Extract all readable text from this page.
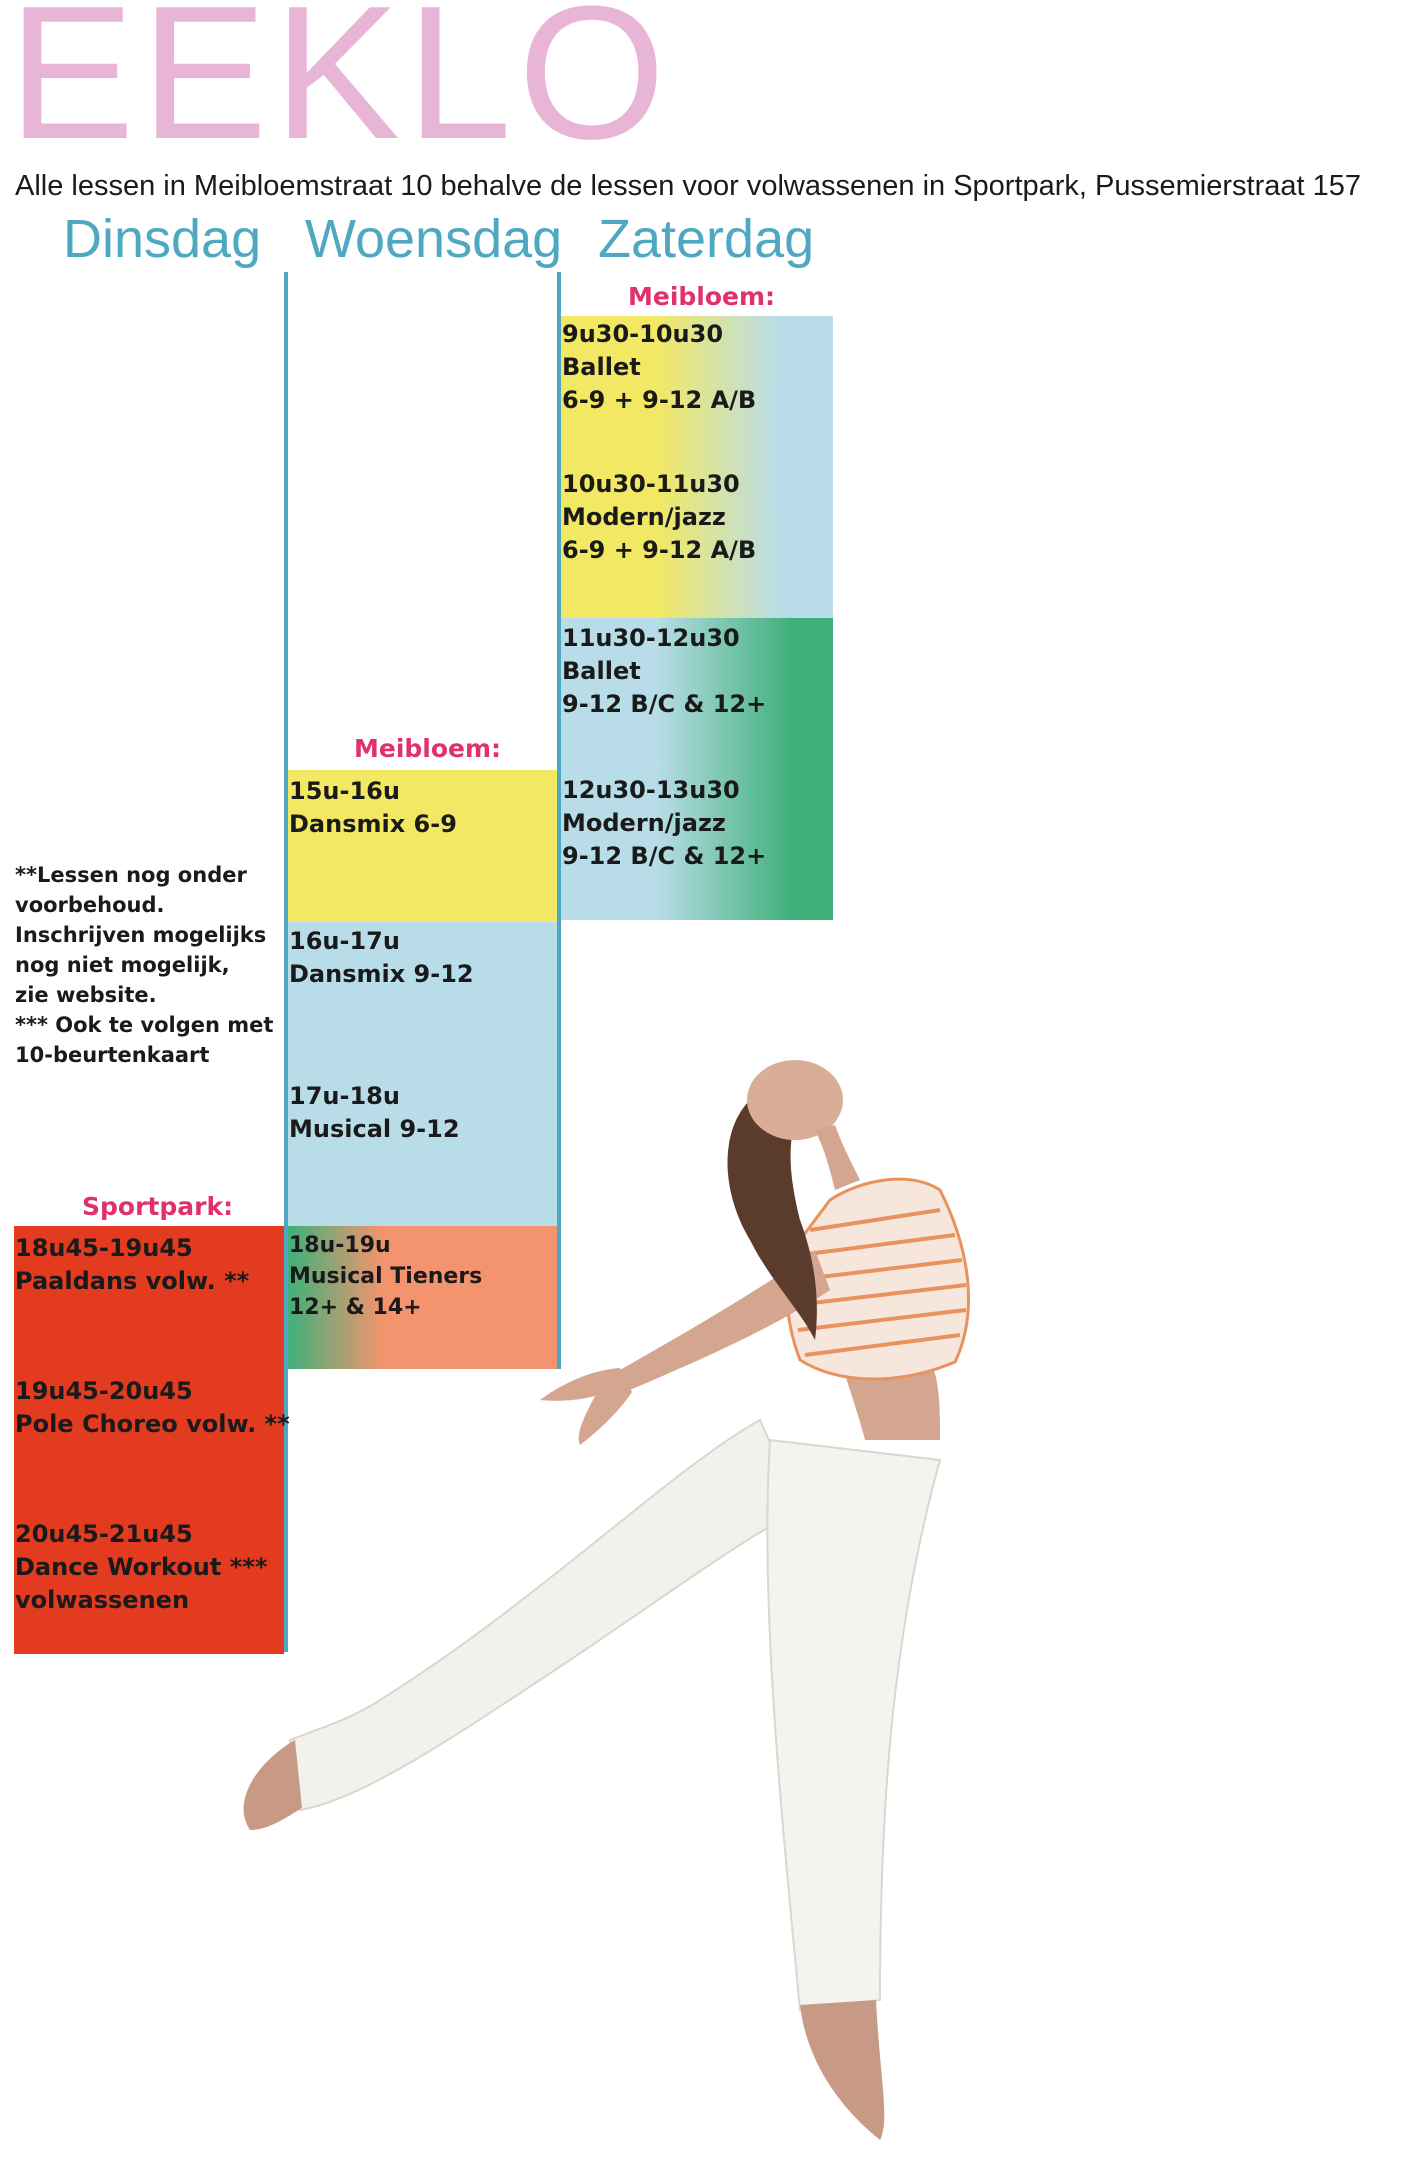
EEKLO
Alle lessen in Meibloemstraat 10 behalve de lessen voor volwassenen in Sportpark, Pussemierstraat 157
Dinsdag Woensdag Zaterdag
Meibloem:
9u30-10u30
Ballet
6-9 + 9-12 A/B
10u30-11u30
Modern/jazz
6-9 + 9-12 A/B
11u30-12u30
Ballet
9-12 B/C & 12+
12u30-13u30
Modern/jazz
9-12 B/C & 12+
Meibloem:
15u-16u
Dansmix 6-9
16u-17u
Dansmix 9-12
17u-18u
Musical 9-12
18u-19u
Musical Tieners
12+ & 14+
**Lessen nog onder
voorbehoud.
Inschrijven mogelijks
nog niet mogelijk,
zie website.
*** Ook te volgen met
10-beurtenkaart
Sportpark:
18u45-19u45
Paaldans volw. **
19u45-20u45
Pole Choreo volw. **
20u45-21u45
Dance Workout ***
volwassenen
